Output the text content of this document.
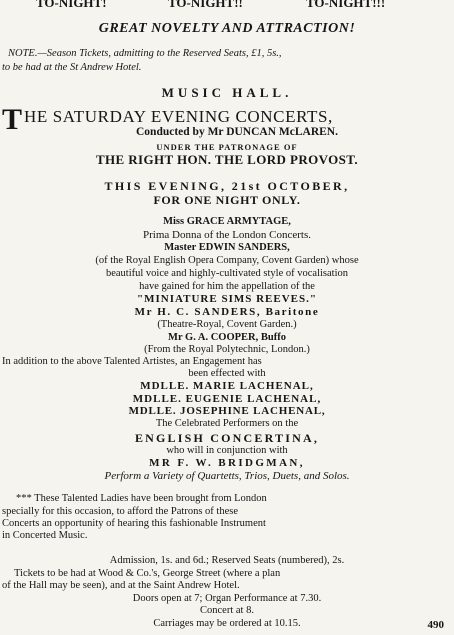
TO-NIGHT!	TO-NIGHT!!	TO-NIGHT!!!
GREAT NOVELTY AND ATTRACTION!
NOTE.—Season Tickets, admitting to the Reserved Seats, £1, 5s.,
to be had at the St Andrew Hotel.
MUSIC HALL.
T HE SATURDAY EVENING CONCERTS,
Conducted by Mr DUNCAN McLAREN.
UNDER THE PATRONAGE OF
THE RIGHT HON. THE LORD PROVOST.
THIS EVENING, 21st OCTOBER,
FOR ONE NIGHT ONLY.
Miss GRACE ARMYTAGE,
Prima Donna of the London Concerts.
Master EDWIN SANDERS,
(of the Royal English Opera Company, Covent Garden) whose
beautiful voice and highly-cultivated style of vocalisation
have gained for him the appellation of the
"MINIATURE SIMS REEVES."
Mr H. C. SANDERS, Baritone
(Theatre-Royal, Covent Garden.)
Mr G. A. COOPER, Buffo
(From the Royal Polytechnic, London.)
In addition to the above Talented Artistes, an Engagement has
been effected with
MDLLE. MARIE LACHENAL,
MDLLE. EUGENIE LACHENAL,
MDLLE. JOSEPHINE LACHENAL,
The Celebrated Performers on the
ENGLISH CONCERTINA,
who will in conjunction with
MR F. W. BRIDGMAN,
Perform a Variety of Quartetts, Trios, Duets, and Solos.
*** These Talented Ladies have been brought from London
specially for this occasion, to afford the Patrons of these
Concerts an opportunity of hearing this fashionable Instrument
in Concerted Music.
Admission, 1s. and 6d.; Reserved Seats (numbered), 2s.
Tickets to be had at Wood & Co.'s, George Street (where a plan
of the Hall may be seen), and at the Saint Andrew Hotel.
Doors open at 7; Organ Performance at 7.30.
Concert at 8.
Carriages may be ordered at 10.15.	490
